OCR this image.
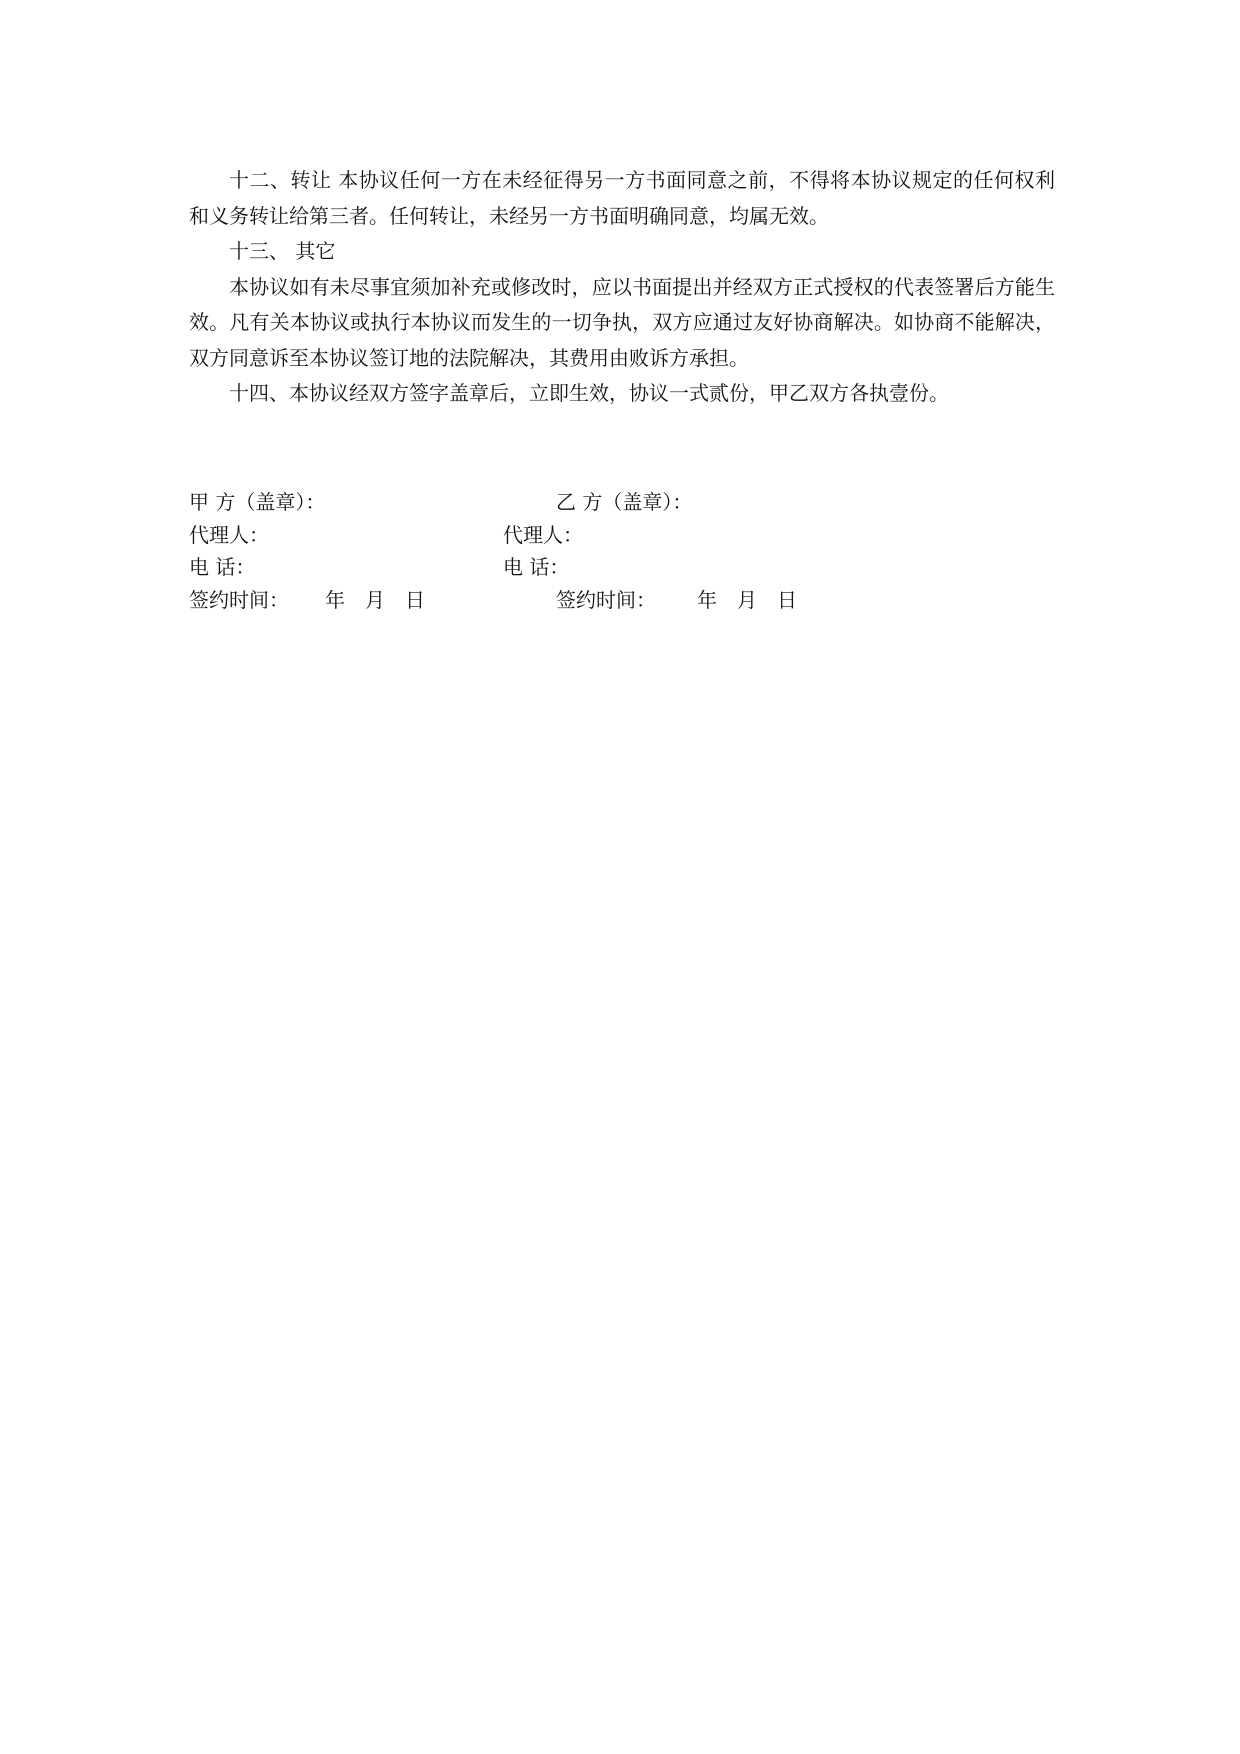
十二、转让 本协议任何一方在未经征得另一方书面同意之前，不得将本协议规定的任何权利和义务转让给第三者。任何转让，未经另一方书面明确同意，均属无效。

十三、 其它

本协议如有未尽事宜须加补充或修改时，应以书面提出并经双方正式授权的代表签署后方能生效。凡有关本协议或执行本协议而发生的一切争执，双方应通过友好协商解决。如协商不能解决，双方同意诉至本协议签订地的法院解决，其费用由败诉方承担。

十四、本协议经双方签字盖章后，立即生效，协议一式贰份，甲乙双方各执壹份。

甲 方（盖章）：	乙 方（盖章）：
代理人：	代理人：
电 话：	电 话：
签约时间： 年 月 日	签约时间： 年 月 日
